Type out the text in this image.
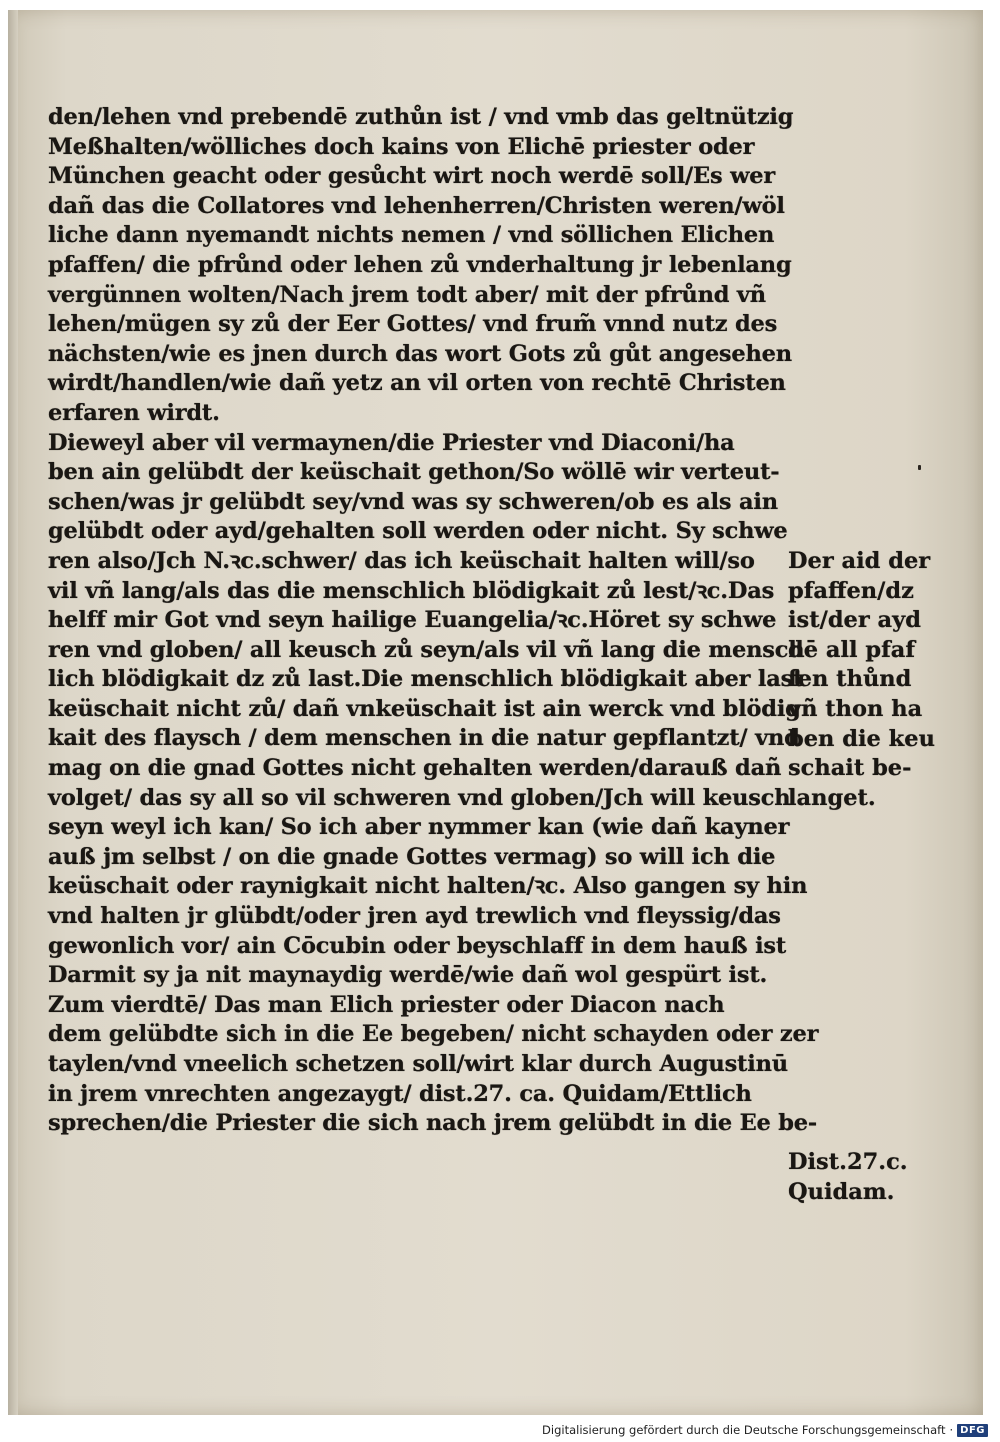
den/lehen vnd prebendē zuthůn ist / vnd vmb das geltnützig
Meßhalten/wölliches doch kains von Elichē priester oder
München geacht oder gesůcht wirt noch werdē soll/Es wer
dañ das die Collatores vnd lehenherren/Christen weren/wöl
liche dann nyemandt nichts nemen / vnd söllichen Elichen
pfaffen/ die pfrůnd oder lehen zů vnderhaltung jr lebenlang
vergünnen wolten/Nach jrem todt aber/ mit der pfrůnd vñ
lehen/mügen sy zů der Eer Gottes/ vnd frum̃ vnnd nutz des
nächsten/wie es jnen durch das wort Gots zů gůt angesehen
wirdt/handlen/wie dañ yetz an vil orten von rechtē Christen
erfaren wirdt.
Dieweyl aber vil vermaynen/die Priester vnd Diaconi/ha
ben ain gelübdt der keüschait gethon/So wöllē wir verteut-
schen/was jr gelübdt sey/vnd was sy schweren/ob es als ain
gelübdt oder ayd/gehalten soll werden oder nicht. Sy schwe
ren also/Jch N.ꝛc.schwer/ das ich keüschait halten will/so
vil vñ lang/als das die menschlich blödigkait zů lest/ꝛc.Das
helff mir Got vnd seyn hailige Euangelia/ꝛc.Höret sy schwe
ren vnd globen/ all keusch zů seyn/als vil vñ lang die mensch
lich blödigkait dz zů last.Die menschlich blödigkait aber last
keüschait nicht zů/ dañ vnkeüschait ist ain werck vnd blödig
kait des flaysch / dem menschen in die natur gepflantzt/ vnd
mag on die gnad Gottes nicht gehalten werden/darauß dañ
volget/ das sy all so vil schweren vnd globen/Jch will keusch
seyn weyl ich kan/ So ich aber nymmer kan (wie dañ kayner
auß jm selbst / on die gnade Gottes vermag) so will ich die
keüschait oder raynigkait nicht halten/ꝛc. Also gangen sy hin
vnd halten jr glübdt/oder jren ayd trewlich vnd fleyssig/das
gewonlich vor/ ain Cōcubin oder beyschlaff in dem hauß ist
Darmit sy ja nit maynaydig werdē/wie dañ wol gespürt ist.
Zum vierdtē/ Das man Elich priester oder Diacon nach
dem gelübdte sich in die Ee begeben/ nicht schayden oder zer
taylen/vnd vneelich schetzen soll/wirt klar durch Augustinū
in jrem vnrechten angezaygt/ dist.27. ca. Quidam/Ettlich
sprechen/die Priester die sich nach jrem gelübdt in die Ee be-
Der aid der
pfaffen/dz
ist/der ayd
dē all pfaf
fen thůnd
vñ thon ha
ben die keu
schait be-
langet.
Dist.27.c.
Quidam.
Digitalisierung gefördert durch die Deutsche Forschungsgemeinschaft · DFG
